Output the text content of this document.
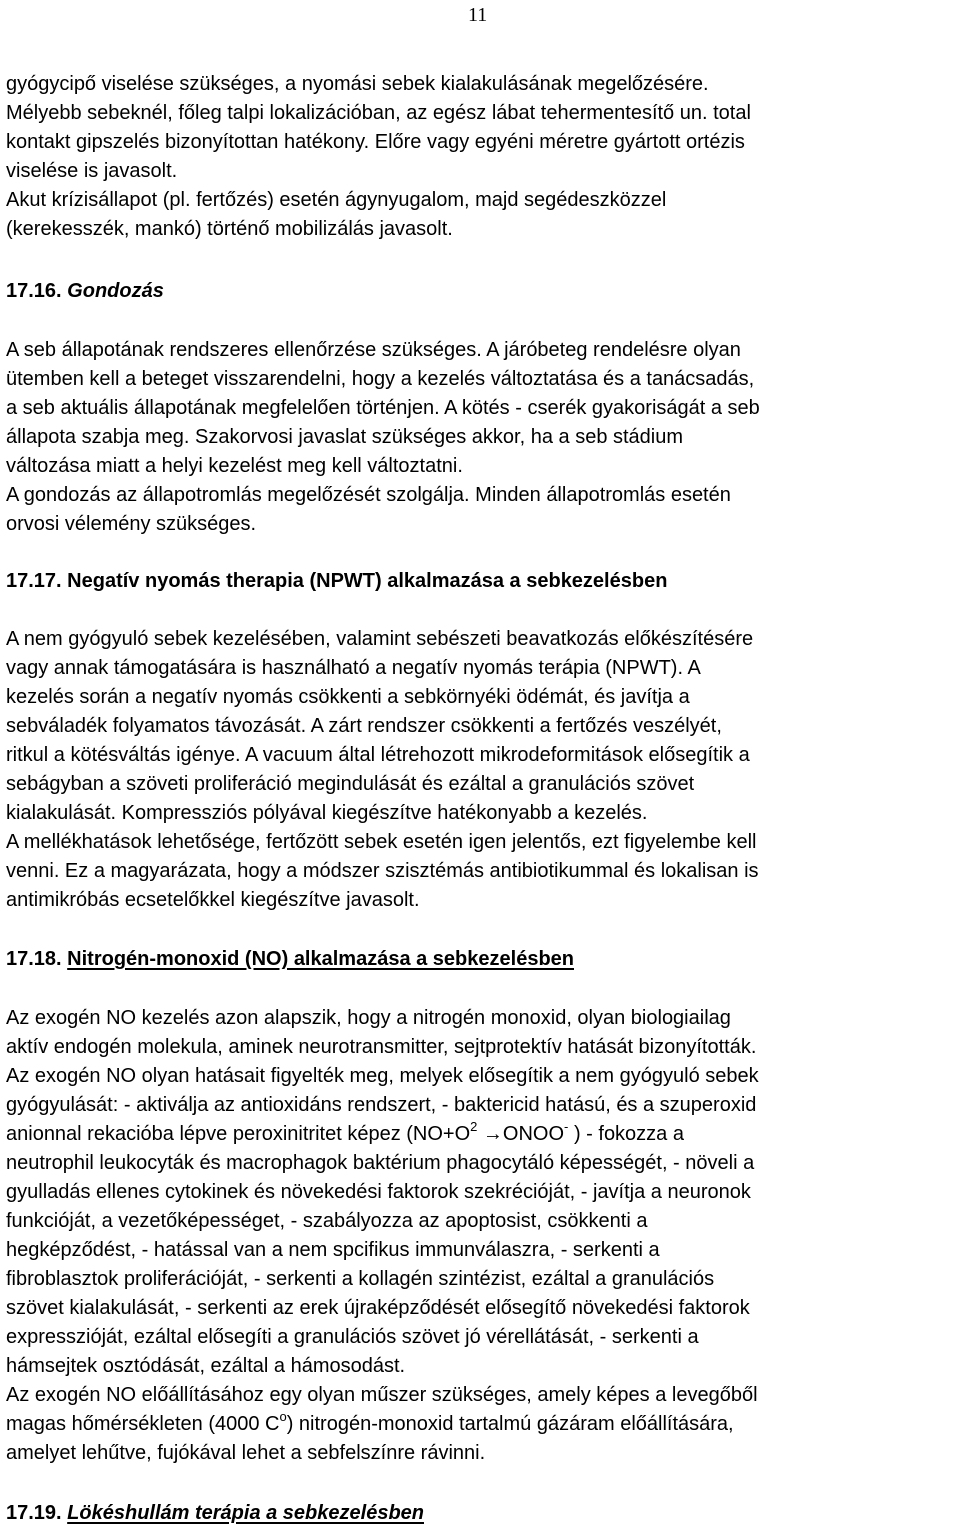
11

gyógycipő viselése szükséges, a nyomási sebek kialakulásának megelőzésére.

Mélyebb sebeknél, főleg talpi lokalizációban, az egész lábat tehermentesítő un. total

kontakt gipszelés bizonyítottan hatékony. Előre vagy egyéni méretre gyártott ortézis

viselése is javasolt.

Akut krízisállapot (pl. fertőzés) esetén ágynyugalom, majd segédeszközzel

(kerekesszék, mankó) történő mobilizálás javasolt.

17.16. Gondozás

A seb állapotának rendszeres ellenőrzése szükséges. A járóbeteg rendelésre olyan

ütemben kell a beteget visszarendelni, hogy a kezelés változtatása és a tanácsadás,

a seb aktuális állapotának megfelelően történjen. A kötés - cserék gyakoriságát a seb

állapota szabja meg. Szakorvosi javaslat szükséges akkor, ha a seb stádium

változása miatt a helyi kezelést meg kell változtatni.

A gondozás az állapotromlás megelőzését szolgálja. Minden állapotromlás esetén

orvosi vélemény szükséges.

17.17. Negatív nyomás therapia (NPWT) alkalmazása a sebkezelésben

A nem gyógyuló sebek kezelésében, valamint sebészeti beavatkozás előkészítésére

vagy annak támogatására is használható a negatív nyomás terápia (NPWT). A

kezelés során a negatív nyomás csökkenti a sebkörnyéki ödémát, és javítja a

sebváladék folyamatos távozását. A zárt rendszer csökkenti a fertőzés veszélyét,

ritkul a kötésváltás igénye. A vacuum által létrehozott mikrodeformitások elősegítik a

sebágyban a szöveti proliferáció megindulását és ezáltal a granulációs szövet

kialakulását. Kompressziós pólyával kiegészítve hatékonyabb a kezelés.

A mellékhatások lehetősége, fertőzött sebek esetén igen jelentős, ezt figyelembe kell

venni. Ez a magyarázata, hogy a módszer szisztémás antibiotikummal és lokalisan is

antimikróbás ecsetelőkkel kiegészítve javasolt.

17.18. Nitrogén-monoxid (NO) alkalmazása a sebkezelésben

Az exogén NO kezelés azon alapszik, hogy a nitrogén monoxid, olyan biologiailag

aktív endogén molekula, aminek neurotransmitter, sejtprotektív hatását bizonyították.

Az exogén NO olyan hatásait figyelték meg, melyek elősegítik a nem gyógyuló sebek

gyógyulását: - aktiválja az antioxidáns rendszert, - baktericid hatású, és a szuperoxid

anionnal rekacióba lépve peroxinitritet képez ($NO+O^2$ →ONOO- ) - fokozza a

neutrophil leukocyták és macrophagok baktérium phagocytáló képességét, - növeli a

gyulladás ellenes cytokinek és növekedési faktorok szekrécióját, - javítja a neuronok

funkcióját, a vezetőképességet, - szabályozza az apoptosist, csökkenti a

hegképződést, - hatással van a nem spcifikus immunválaszra, - serkenti a

fibroblasztok proliferációját, - serkenti a kollagén szintézist, ezáltal a granulációs

szövet kialakulását, - serkenti az erek újraképződését elősegítő növekedési faktorok

expresszióját, ezáltal elősegíti a granulációs szövet jó vérellátását, - serkenti a

hámsejtek osztódását, ezáltal a hámosodást.

Az exogén NO előállításához egy olyan műszer szükséges, amely képes a levegőből

magas hőmérsékleten (4000 $C^o$) nitrogén-monoxid tartalmú gázáram előállítására,

amelyet lehűtve, fujókával lehet a sebfelszínre rávinni.

17.19. Lökéshullám terápia a sebkezelésben
